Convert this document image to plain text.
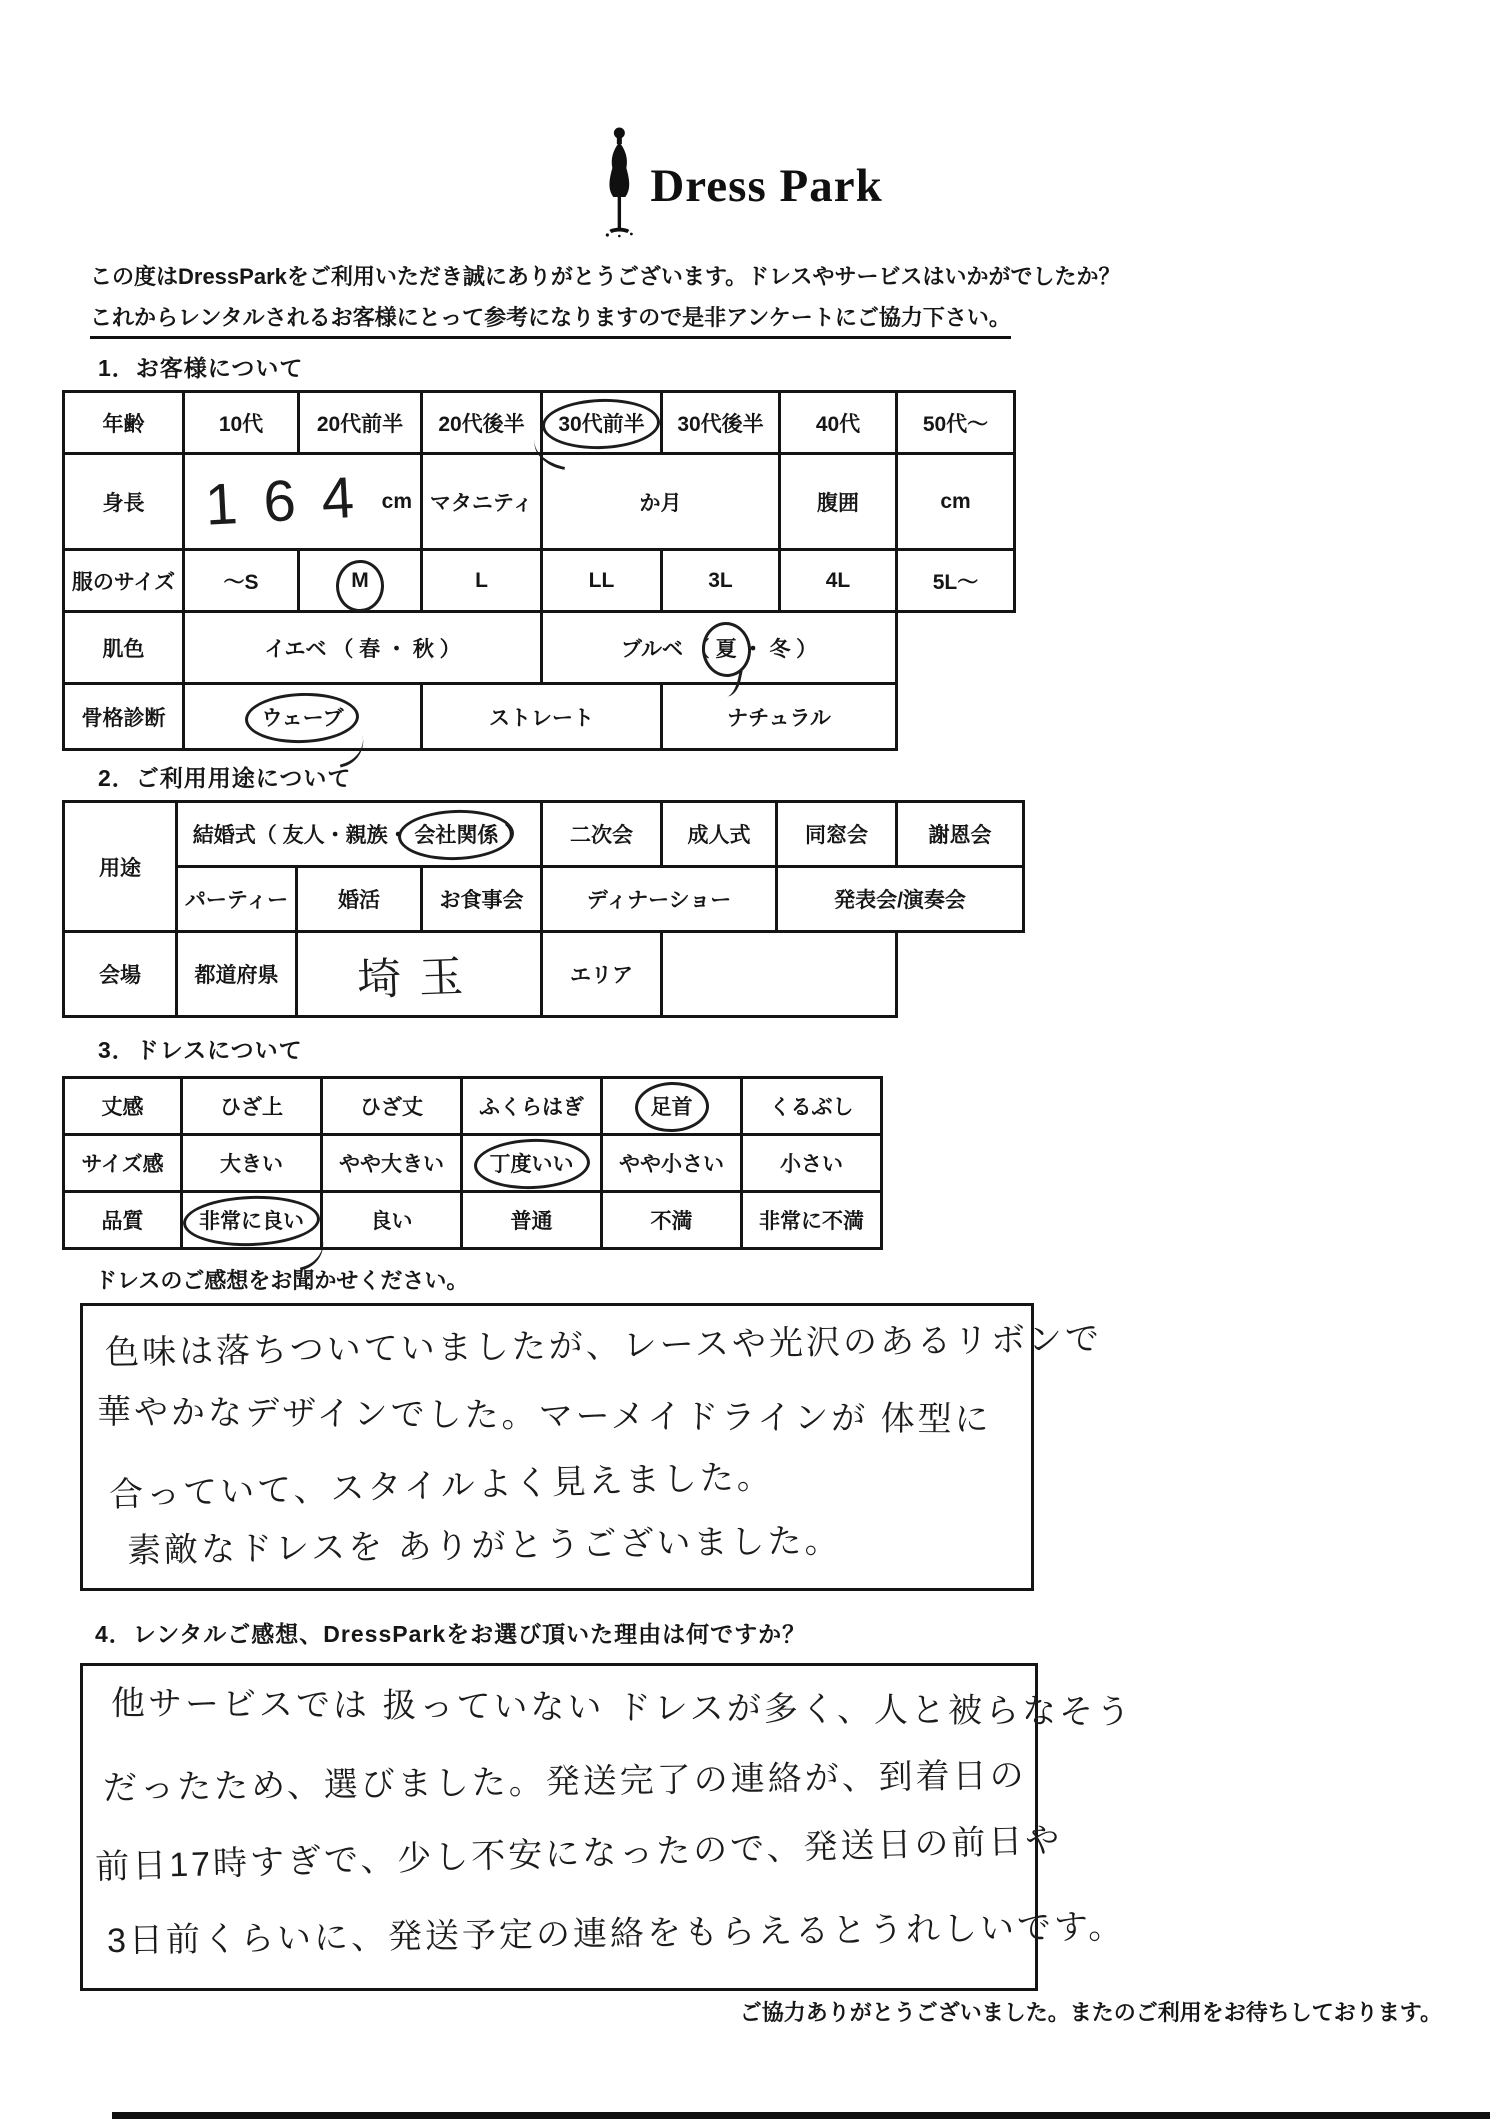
Dress Park
この度はDressParkをご利用いただき誠にありがとうございます。ドレスやサービスはいかがでしたか？
これからレンタルされるお客様にとって参考になりますので是非アンケートにご協力下さい。
1．お客様について
年齢	10代	20代前半	20代後半	30代前半	30代後半	40代	50代～
身長	164 cm		マタニティ	か月		腹囲	cm
服のサイズ	～S	M	L	LL	3L	4L	5L～
肌色	イエベ （ 春 ・ 秋 ）			ブルベ （ 夏 ・ 冬 ）			
骨格診断	ウェーブ		ストレート		ナチュラル		
2．ご利用用途について
用途	結婚式（ 友人・親族・ 会社関係 ）			二次会	成人式	同窓会	謝恩会
	パーティー	婚活	お食事会	ディナーショー		発表会/演奏会	
会場	都道府県	埼玉		エリア			
3．ドレスについて
丈感	ひざ上	ひざ丈	ふくらはぎ	足首	くるぶし
サイズ感	大きい	やや大きい	丁度いい	やや小さい	小さい
品質	非常に良い	良い	普通	不満	非常に不満
ドレスのご感想をお聞かせください。
色味は落ちついていましたが、レースや光沢のあるリボンで
華やかなデザインでした。マーメイドラインが 体型に
合っていて、スタイルよく見えました。
素敵なドレスを ありがとうございました。
4．レンタルご感想、DressParkをお選び頂いた理由は何ですか？
他サービスでは 扱っていない ドレスが多く、人と被らなそう
だったため、選びました。発送完了の連絡が、到着日の
前日17時すぎで、少し不安になったので、発送日の前日や
3日前くらいに、発送予定の連絡をもらえるとうれしいです。
ご協力ありがとうございました。またのご利用をお待ちしております。
